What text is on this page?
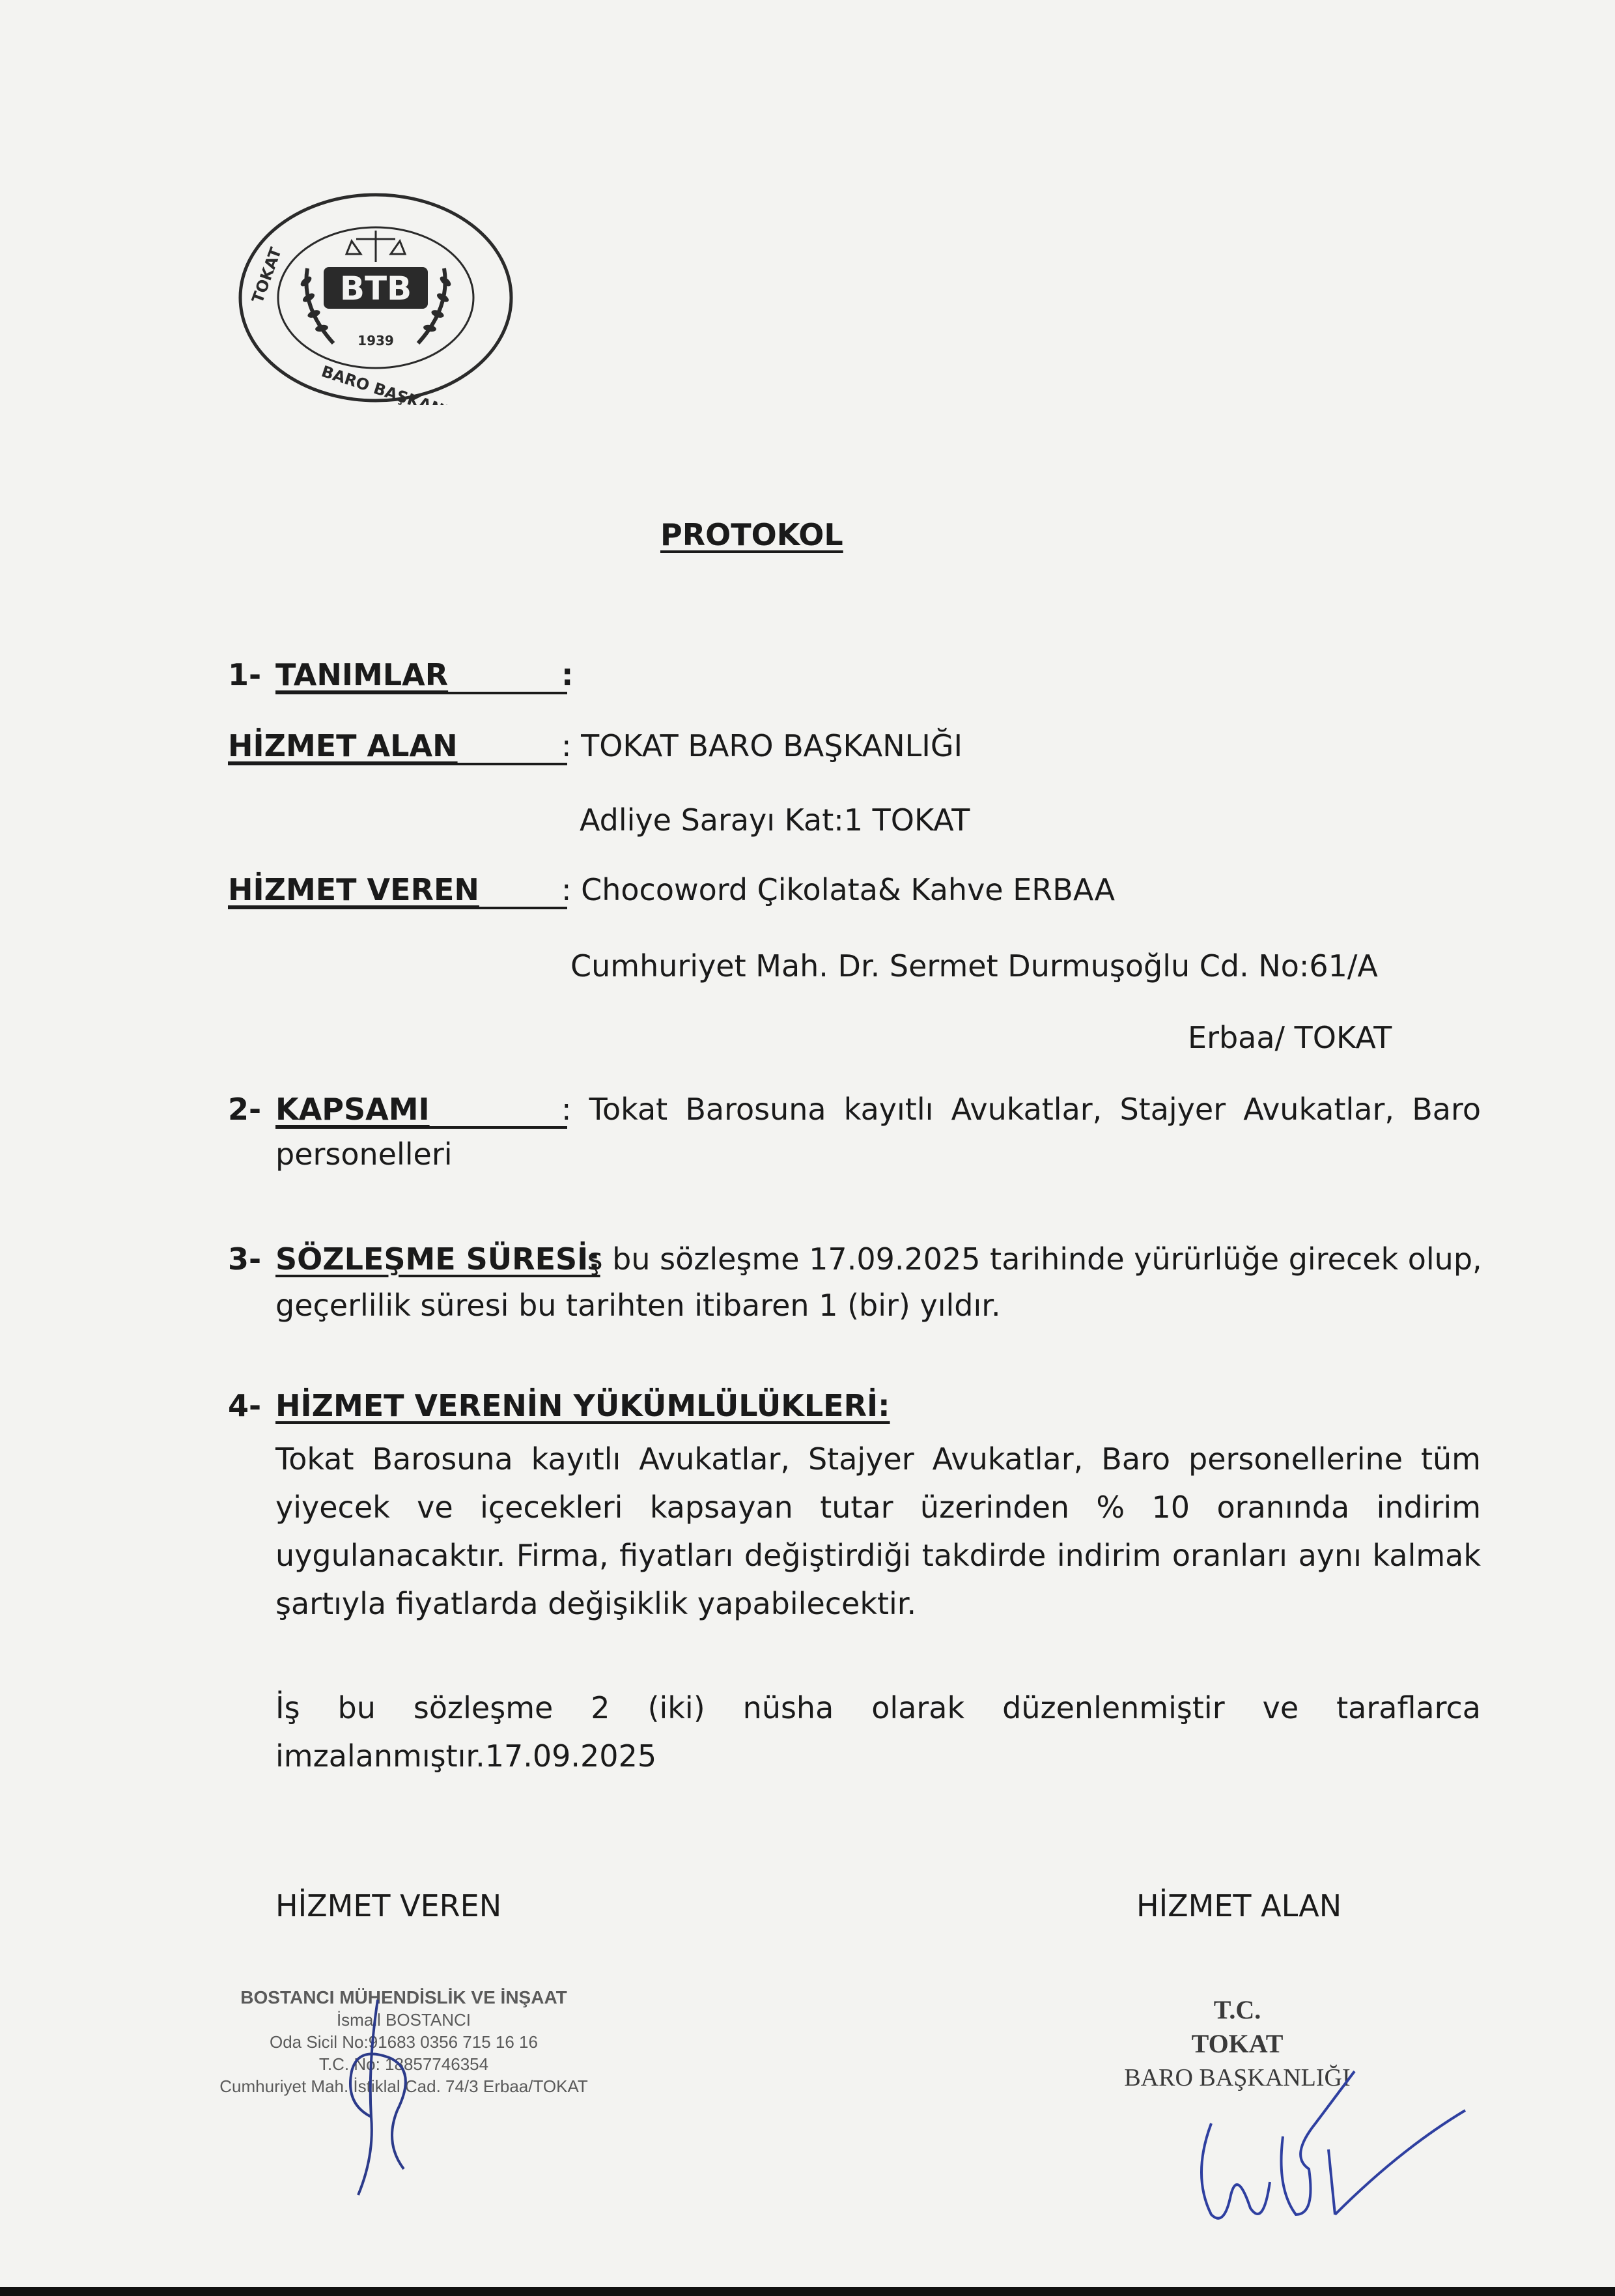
BTB
1939
TOKAT
BARO BAŞKANLIĞI
PROTOKOL
1- TANIMLAR	:
HİZMET ALAN	: TOKAT BARO BAŞKANLIĞI
Adliye Sarayı Kat:1 TOKAT
HİZMET VEREN	: Chocoword Çikolata& Kahve ERBAA
Cumhuriyet Mah. Dr. Sermet Durmuşoğlu Cd. No:61/A
Erbaa/ TOKAT
2- KAPSAMI	: Tokat Barosuna kayıtlı Avukatlar, Stajyer Avukatlar, Baro
personelleri
3- SÖZLEŞME SÜRESİ:
İş bu sözleşme 17.09.2025 tarihinde yürürlüğe girecek olup,
geçerlilik süresi bu tarihten itibaren 1 (bir) yıldır.
4- HİZMET VERENİN YÜKÜMLÜLÜKLERİ:
Tokat Barosuna kayıtlı Avukatlar, Stajyer Avukatlar, Baro personellerine tüm yiyecek ve içecekleri kapsayan tutar üzerinden % 10 oranında indirim uygulanacaktır. Firma, fiyatları değiştirdiği takdirde indirim oranları aynı kalmak şartıyla fiyatlarda değişiklik yapabilecektir.
İş bu sözleşme 2 (iki) nüsha olarak düzenlenmiştir ve taraflarca imzalanmıştır.17.09.2025
HİZMET VEREN	HİZMET ALAN
BOSTANCI MÜHENDİSLİK VE İNŞAAT
İsmail BOSTANCI
Oda Sicil No:91683 0356 715 16 16
T.C. No: 18857746354
Cumhuriyet Mah. İstiklal Cad. 74/3 Erbaa/TOKAT
T.C.
TOKAT
BARO BAŞKANLIĞI
